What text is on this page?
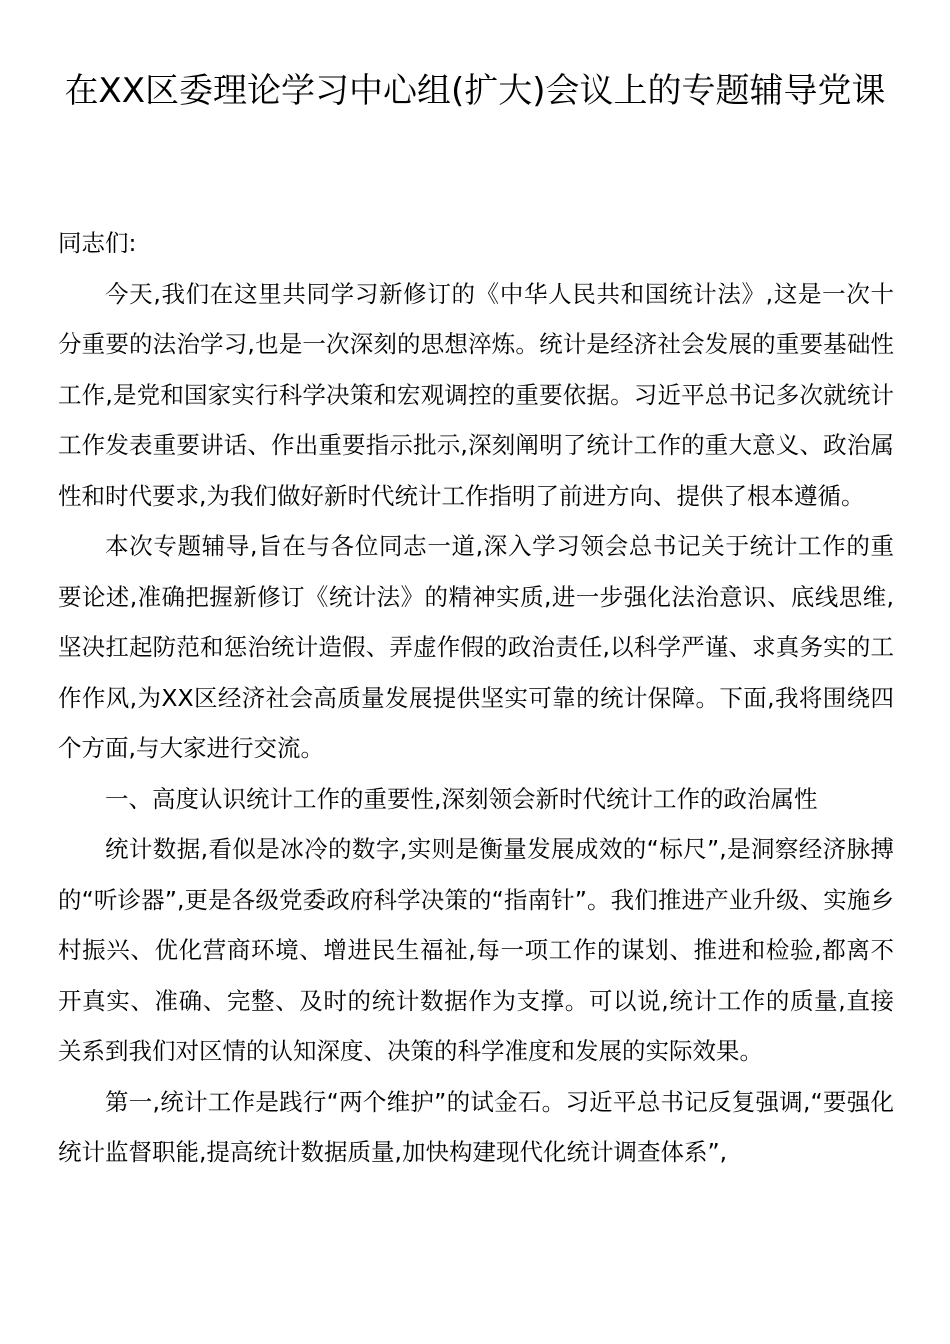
在XX区委理论学习中心组(扩大)会议上的专题辅导党课

同志们:

今天,我们在这里共同学习新修订的《中华人民共和国统计法》,这是一次十分重要的法治学习,也是一次深刻的思想淬炼。统计是经济社会发展的重要基础性工作,是党和国家实行科学决策和宏观调控的重要依据。习近平总书记多次就统计工作发表重要讲话、作出重要指示批示,深刻阐明了统计工作的重大意义、政治属性和时代要求,为我们做好新时代统计工作指明了前进方向、提供了根本遵循。

本次专题辅导,旨在与各位同志一道,深入学习领会总书记关于统计工作的重要论述,准确把握新修订《统计法》的精神实质,进一步强化法治意识、底线思维,坚决扛起防范和惩治统计造假、弄虚作假的政治责任,以科学严谨、求真务实的工作作风,为XX区经济社会高质量发展提供坚实可靠的统计保障。下面,我将围绕四个方面,与大家进行交流。

一、高度认识统计工作的重要性,深刻领会新时代统计工作的政治属性

统计数据,看似是冰冷的数字,实则是衡量发展成效的“标尺”,是洞察经济脉搏的“听诊器”,更是各级党委政府科学决策的“指南针”。我们推进产业升级、实施乡村振兴、优化营商环境、增进民生福祉,每一项工作的谋划、推进和检验,都离不开真实、准确、完整、及时的统计数据作为支撑。可以说,统计工作的质量,直接关系到我们对区情的认知深度、决策的科学准度和发展的实际效果。

第一,统计工作是践行“两个维护”的试金石。习近平总书记反复强调,“要强化统计监督职能,提高统计数据质量,加快构建现代化统计调查体系”,
